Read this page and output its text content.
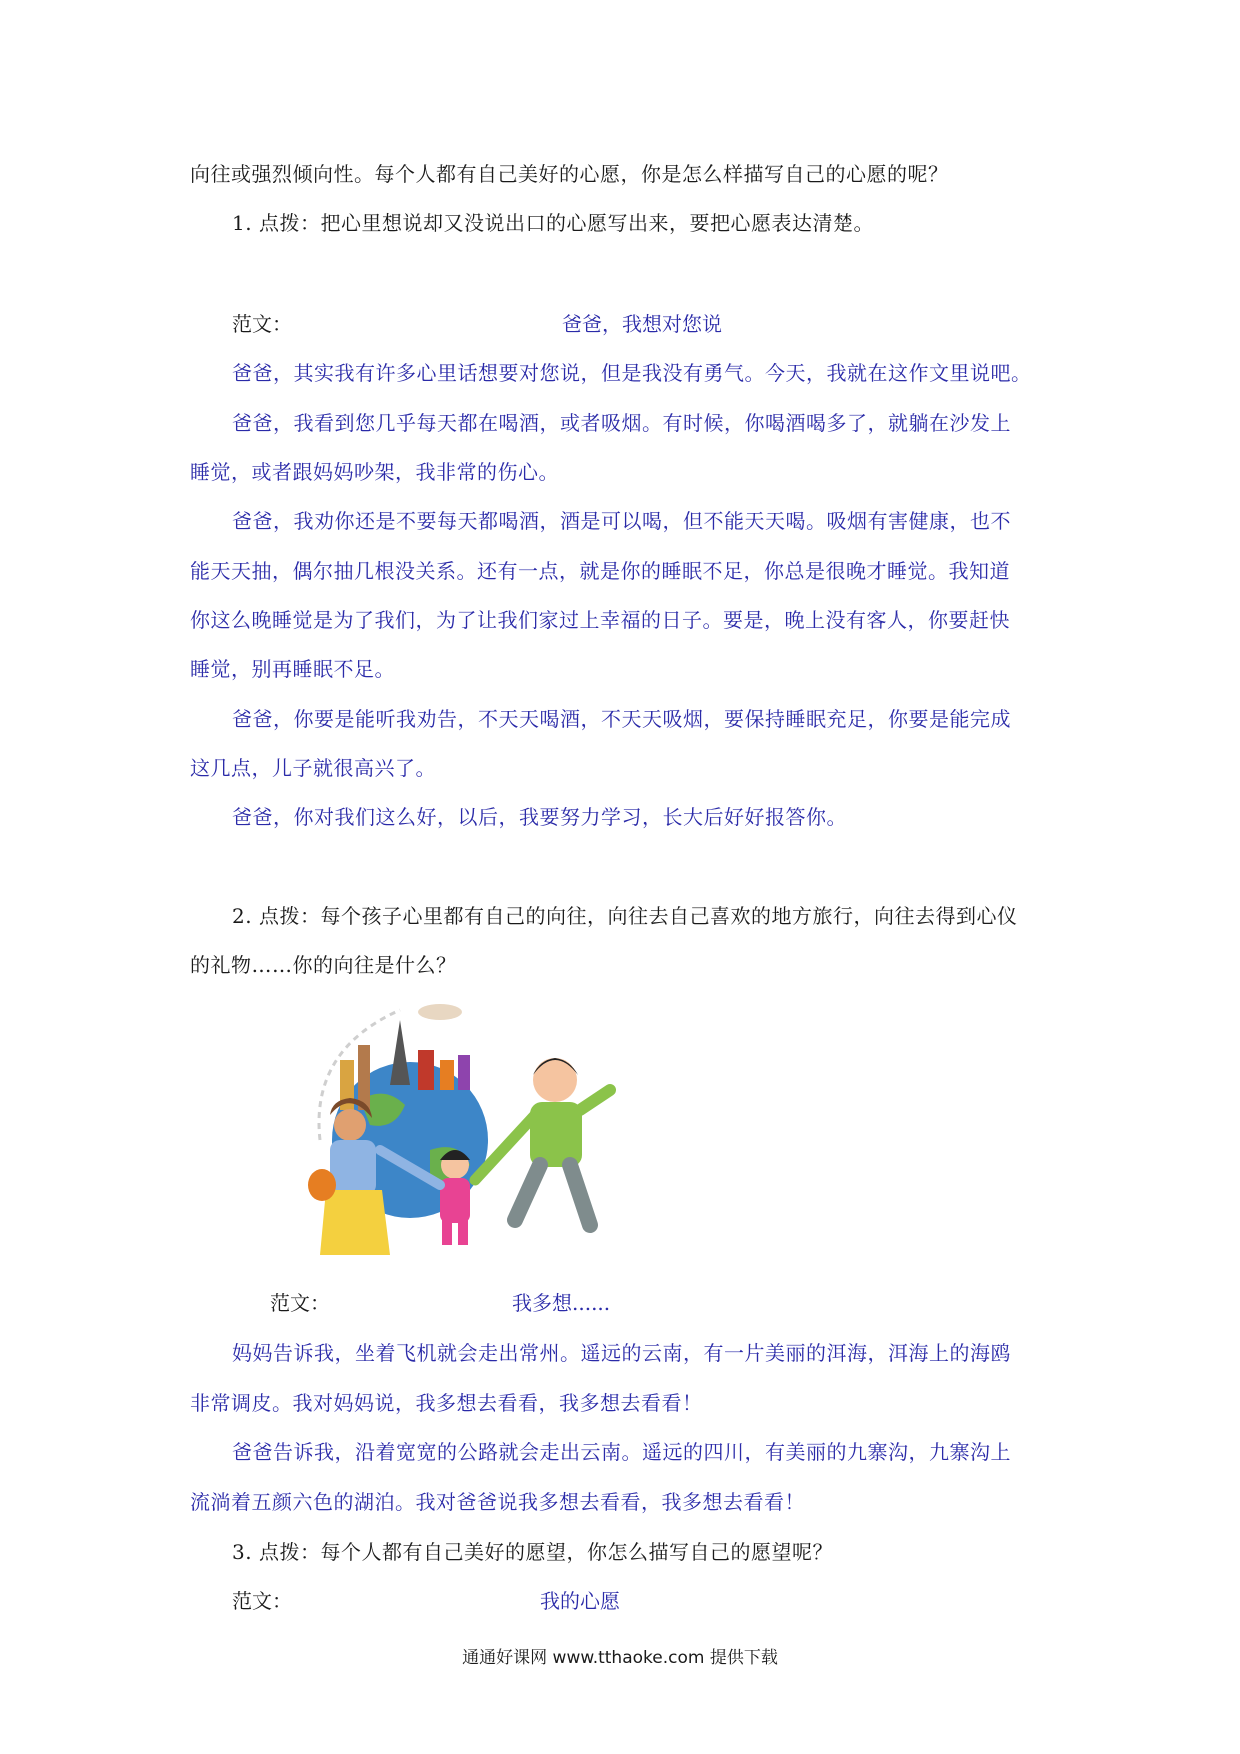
向往或强烈倾向性。每个人都有自己美好的心愿，你是怎么样描写自己的心愿的呢？
1. 点拨：把心里想说却又没说出口的心愿写出来，要把心愿表达清楚。
范文：	爸爸，我想对您说
爸爸，其实我有许多心里话想要对您说，但是我没有勇气。今天，我就在这作文里说吧。
爸爸，我看到您几乎每天都在喝酒，或者吸烟。有时候，你喝酒喝多了，就躺在沙发上
睡觉，或者跟妈妈吵架，我非常的伤心。
爸爸，我劝你还是不要每天都喝酒，酒是可以喝，但不能天天喝。吸烟有害健康，也不
能天天抽，偶尔抽几根没关系。还有一点，就是你的睡眠不足，你总是很晚才睡觉。我知道
你这么晚睡觉是为了我们，为了让我们家过上幸福的日子。要是，晚上没有客人，你要赶快
睡觉，别再睡眠不足。
爸爸，你要是能听我劝告，不天天喝酒，不天天吸烟，要保持睡眠充足，你要是能完成
这几点，儿子就很高兴了。
爸爸，你对我们这么好，以后，我要努力学习，长大后好好报答你。
2. 点拨：每个孩子心里都有自己的向往，向往去自己喜欢的地方旅行，向往去得到心仪
的礼物……你的向往是什么？
范文：	我多想......
妈妈告诉我，坐着飞机就会走出常州。遥远的云南，有一片美丽的洱海，洱海上的海鸥
非常调皮。我对妈妈说，我多想去看看，我多想去看看！
爸爸告诉我，沿着宽宽的公路就会走出云南。遥远的四川，有美丽的九寨沟，九寨沟上
流淌着五颜六色的湖泊。我对爸爸说我多想去看看，我多想去看看！
3. 点拨：每个人都有自己美好的愿望，你怎么描写自己的愿望呢？
范文：	我的心愿
通通好课网 www.tthaoke.com 提供下载
